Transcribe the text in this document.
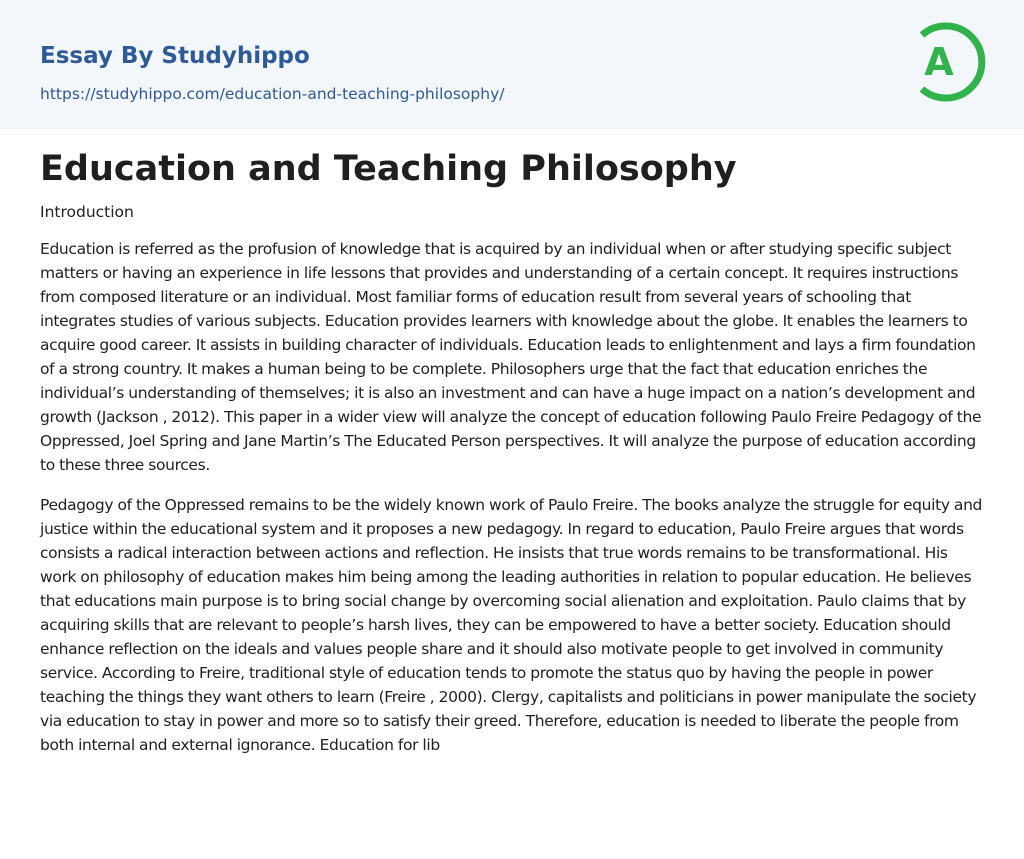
Essay By Studyhippo
https://studyhippo.com/education-and-teaching-philosophy/
A
Education and Teaching Philosophy

Introduction

Education is referred as the profusion of knowledge that is acquired by an individual when or after studying specific subject matters or having an experience in life lessons that provides and understanding of a certain concept. It requires instructions from composed literature or an individual. Most familiar forms of education result from several years of schooling that integrates studies of various subjects. Education provides learners with knowledge about the globe. It enables the learners to acquire good career. It assists in building character of individuals. Education leads to enlightenment and lays a firm foundation of a strong country. It makes a human being to be complete. Philosophers urge that the fact that education enriches the individual’s understanding of themselves; it is also an investment and can have a huge impact on a nation’s development and growth (Jackson , 2012). This paper in a wider view will analyze the concept of education following Paulo Freire Pedagogy of the Oppressed, Joel Spring and Jane Martin’s The Educated Person perspectives. It will analyze the purpose of education according to these three sources.

Pedagogy of the Oppressed remains to be the widely known work of Paulo Freire. The books analyze the struggle for equity and justice within the educational system and it proposes a new pedagogy. In regard to education, Paulo Freire argues that words consists a radical interaction between actions and reflection. He insists that true words remains to be transformational. His work on philosophy of education makes him being among the leading authorities in relation to popular education. He believes that educations main purpose is to bring social change by overcoming social alienation and exploitation. Paulo claims that by acquiring skills that are relevant to people’s harsh lives, they can be empowered to have a better society. Education should enhance reflection on the ideals and values people share and it should also motivate people to get involved in community service. According to Freire, traditional style of education tends to promote the status quo by having the people in power teaching the things they want others to learn (Freire , 2000). Clergy, capitalists and politicians in power manipulate the society via education to stay in power and more so to satisfy their greed. Therefore, education is needed to liberate the people from both internal and external ignorance. Education for lib
